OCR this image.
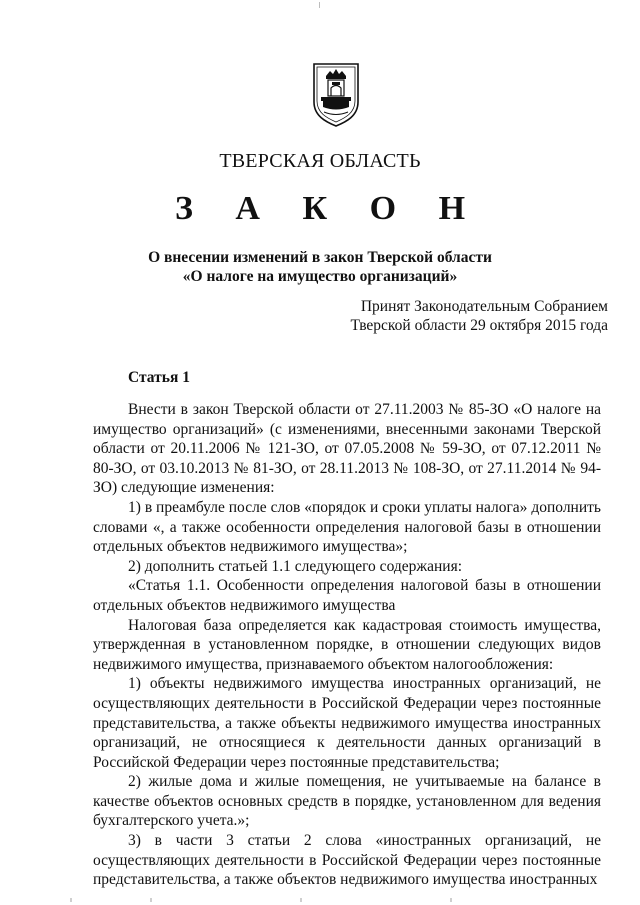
ТВЕРСКАЯ ОБЛАСТЬ
З А К О Н
О внесении изменений в закон Тверской области
«О налоге на имущество организаций»
Принят Законодательным Собранием
Тверской области 29 октября 2015 года
Статья 1

Внести в закон Тверской области от 27.11.2003 № 85-ЗО «О налоге на имущество организаций» (с изменениями, внесенными законами Тверской области от 20.11.2006 № 121-ЗО, от 07.05.2008 № 59-ЗО, от 07.12.2011 № 80-ЗО, от 03.10.2013 № 81-ЗО, от 28.11.2013 № 108-ЗО, от 27.11.2014 № 94-ЗО) следующие изменения:

1) в преамбуле после слов «порядок и сроки уплаты налога» дополнить словами «, а также особенности определения налоговой базы в отношении отдельных объектов недвижимого имущества»;

2) дополнить статьей 1.1 следующего содержания:

«Статья 1.1. Особенности определения налоговой базы в отношении отдельных объектов недвижимого имущества

Налоговая база определяется как кадастровая стоимость имущества, утвержденная в установленном порядке, в отношении следующих видов недвижимого имущества, признаваемого объектом налогообложения:

1) объекты недвижимого имущества иностранных организаций, не осуществляющих деятельности в Российской Федерации через постоянные представительства, а также объекты недвижимого имущества иностранных организаций, не относящиеся к деятельности данных организаций в Российской Федерации через постоянные представительства;

2) жилые дома и жилые помещения, не учитываемые на балансе в качестве объектов основных средств в порядке, установленном для ведения бухгалтерского учета.»;

3) в части 3 статьи 2 слова «иностранных организаций, не осуществляющих деятельности в Российской Федерации через постоянные представительства, а также объектов недвижимого имущества иностранных
